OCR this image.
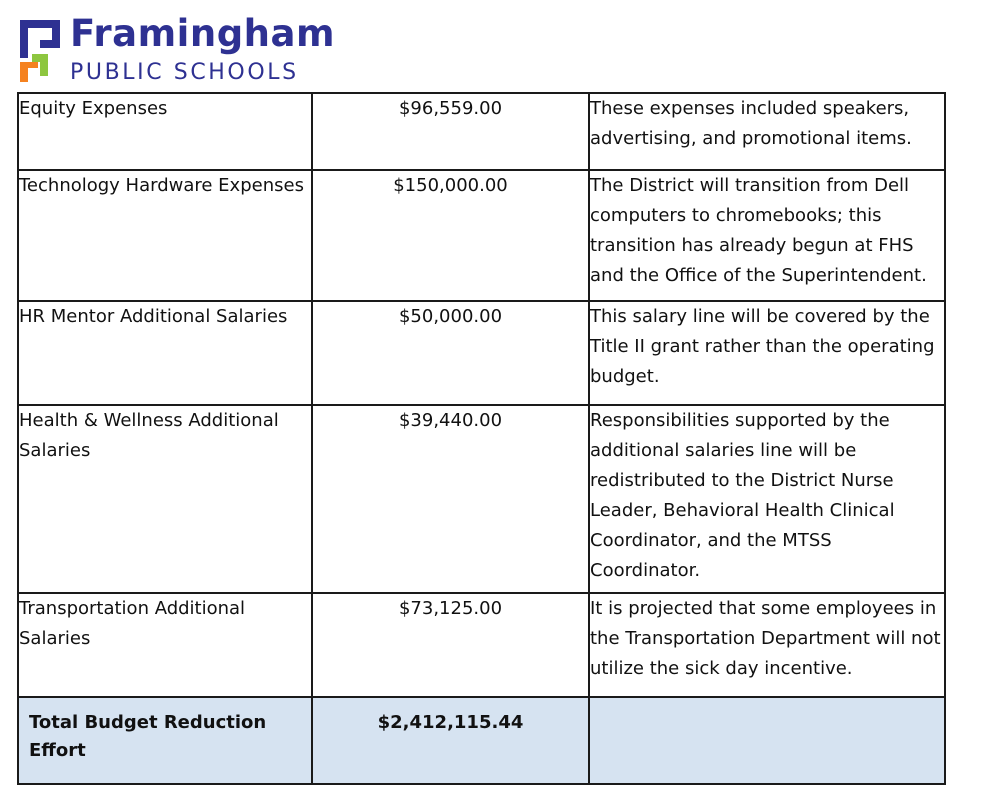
Framingham
PUBLIC SCHOOLS
Equity Expenses	$96,559.00	These expenses included speakers, advertising, and promotional items.
Technology Hardware Expenses	$150,000.00	The District will transition from Dell computers to chromebooks; this transition has already begun at FHS and the Office of the Superintendent.
HR Mentor Additional Salaries	$50,000.00	This salary line will be covered by the Title II grant rather than the operating budget.
Health & Wellness Additional Salaries	$39,440.00	Responsibilities supported by the additional salaries line will be redistributed to the District Nurse Leader, Behavioral Health Clinical Coordinator, and the MTSS Coordinator.
Transportation Additional Salaries	$73,125.00	It is projected that some employees in the Transportation Department will not utilize the sick day incentive.
Total Budget Reduction Effort	$2,412,115.44	
